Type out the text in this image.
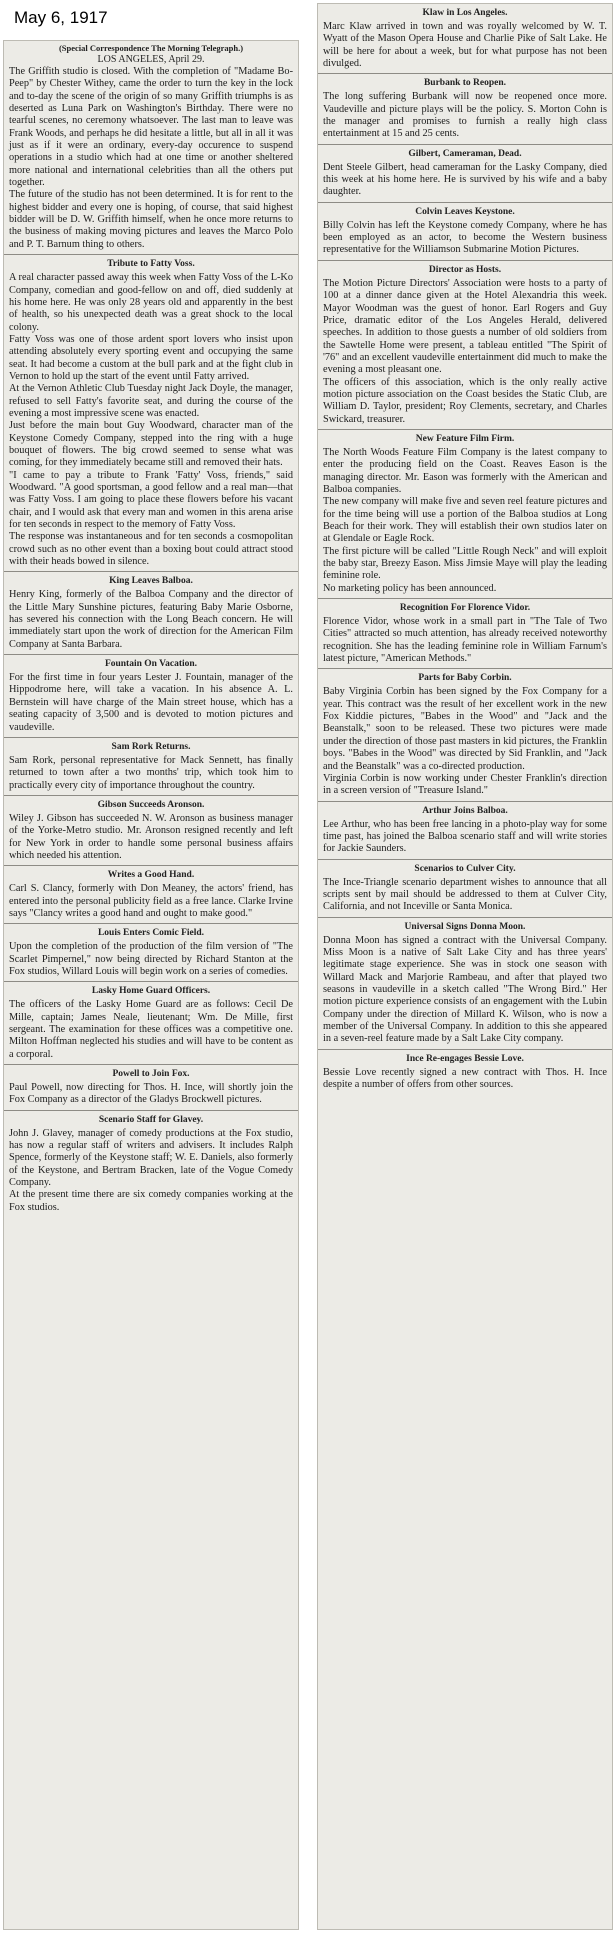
May 6, 1917
(Special Correspondence The Morning Telegraph.)
LOS ANGELES, April 29.

The Griffith studio is closed. With the completion of "Madame Bo-Peep" by Chester Withey, came the order to turn the key in the lock and to-day the scene of the origin of so many Griffith triumphs is as deserted as Luna Park on Washington's Birthday. There were no tearful scenes, no ceremony whatsoever. The last man to leave was Frank Woods, and perhaps he did hesitate a little, but all in all it was just as if it were an ordinary, every-day occurence to suspend operations in a studio which had at one time or another sheltered more national and international celebrities than all the others put together.

The future of the studio has not been determined. It is for rent to the highest bidder and every one is hoping, of course, that said highest bidder will be D. W. Griffith himself, when he once more returns to the business of making moving pictures and leaves the Marco Polo and P. T. Barnum thing to others.

Tribute to Fatty Voss.

A real character passed away this week when Fatty Voss of the L-Ko Company, comedian and good-fellow on and off, died suddenly at his home here. He was only 28 years old and apparently in the best of health, so his unexpected death was a great shock to the local colony.

Fatty Voss was one of those ardent sport lovers who insist upon attending absolutely every sporting event and occupying the same seat. It had become a custom at the bull park and at the fight club in Vernon to hold up the start of the event until Fatty arrived.

At the Vernon Athletic Club Tuesday night Jack Doyle, the manager, refused to sell Fatty's favorite seat, and during the course of the evening a most impressive scene was enacted.

Just before the main bout Guy Woodward, character man of the Keystone Comedy Company, stepped into the ring with a huge bouquet of flowers. The big crowd seemed to sense what was coming, for they immediately became still and removed their hats.

"I came to pay a tribute to Frank 'Fatty' Voss, friends," said Woodward. "A good sportsman, a good fellow and a real man—that was Fatty Voss. I am going to place these flowers before his vacant chair, and I would ask that every man and women in this arena arise for ten seconds in respect to the memory of Fatty Voss.

The response was instantaneous and for ten seconds a cosmopolitan crowd such as no other event than a boxing bout could attract stood with their heads bowed in silence.

King Leaves Balboa.

Henry King, formerly of the Balboa Company and the director of the Little Mary Sunshine pictures, featuring Baby Marie Osborne, has severed his connection with the Long Beach concern. He will immediately start upon the work of direction for the American Film Company at Santa Barbara.

Fountain On Vacation.

For the first time in four years Lester J. Fountain, manager of the Hippodrome here, will take a vacation. In his absence A. L. Bernstein will have charge of the Main street house, which has a seating capacity of 3,500 and is devoted to motion pictures and vaudeville.

Sam Rork Returns.

Sam Rork, personal representative for Mack Sennett, has finally returned to town after a two months' trip, which took him to practically every city of importance throughout the country.

Gibson Succeeds Aronson.

Wiley J. Gibson has succeeded N. W. Aronson as business manager of the Yorke-Metro studio. Mr. Aronson resigned recently and left for New York in order to handle some personal business affairs which needed his attention.

Writes a Good Hand.

Carl S. Clancy, formerly with Don Meaney, the actors' friend, has entered into the personal publicity field as a free lance. Clarke Irvine says "Clancy writes a good hand and ought to make good."

Louis Enters Comic Field.

Upon the completion of the production of the film version of "The Scarlet Pimpernel," now being directed by Richard Stanton at the Fox studios, Willard Louis will begin work on a series of comedies.

Lasky Home Guard Officers.

The officers of the Lasky Home Guard are as follows: Cecil De Mille, captain; James Neale, lieutenant; Wm. De Mille, first sergeant. The examination for these offices was a competitive one. Milton Hoffman neglected his studies and will have to be content as a corporal.

Powell to Join Fox.

Paul Powell, now directing for Thos. H. Ince, will shortly join the Fox Company as a director of the Gladys Brockwell pictures.

Scenario Staff for Glavey.

John J. Glavey, manager of comedy productions at the Fox studio, has now a regular staff of writers and advisers. It includes Ralph Spence, formerly of the Keystone staff; W. E. Daniels, also formerly of the Keystone, and Bertram Bracken, late of the Vogue Comedy Company.

At the present time there are six comedy companies working at the Fox studios.

Klaw in Los Angeles.

Marc Klaw arrived in town and was royally welcomed by W. T. Wyatt of the Mason Opera House and Charlie Pike of Salt Lake. He will be here for about a week, but for what purpose has not been divulged.

Burbank to Reopen.

The long suffering Burbank will now be reopened once more. Vaudeville and picture plays will be the policy. S. Morton Cohn is the manager and promises to furnish a really high class entertainment at 15 and 25 cents.

Gilbert, Cameraman, Dead.

Dent Steele Gilbert, head cameraman for the Lasky Company, died this week at his home here. He is survived by his wife and a baby daughter.

Colvin Leaves Keystone.

Billy Colvin has left the Keystone comedy Company, where he has been employed as an actor, to become the Western business representative for the Williamson Submarine Motion Pictures.

Director as Hosts.

The Motion Picture Directors' Association were hosts to a party of 100 at a dinner dance given at the Hotel Alexandria this week. Mayor Woodman was the guest of honor. Earl Rogers and Guy Price, dramatic editor of the Los Angeles Herald, delivered speeches. In addition to those guests a number of old soldiers from the Sawtelle Home were present, a tableau entitled "The Spirit of '76" and an excellent vaudeville entertainment did much to make the evening a most pleasant one.

The officers of this association, which is the only really active motion picture association on the Coast besides the Static Club, are William D. Taylor, president; Roy Clements, secretary, and Charles Swickard, treasurer.

New Feature Film Firm.

The North Woods Feature Film Company is the latest company to enter the producing field on the Coast. Reaves Eason is the managing director. Mr. Eason was formerly with the American and Balboa companies.

The new company will make five and seven reel feature pictures and for the time being will use a portion of the Balboa studios at Long Beach for their work. They will establish their own studios later on at Glendale or Eagle Rock.

The first picture will be called "Little Rough Neck" and will exploit the baby star, Breezy Eason. Miss Jimsie Maye will play the leading feminine role.

No marketing policy has been announced.

Recognition For Florence Vidor.

Florence Vidor, whose work in a small part in "The Tale of Two Cities" attracted so much attention, has already received noteworthy recognition. She has the leading feminine role in William Farnum's latest picture, "American Methods."

Parts for Baby Corbin.

Baby Virginia Corbin has been signed by the Fox Company for a year. This contract was the result of her excellent work in the new Fox Kiddie pictures, "Babes in the Wood" and "Jack and the Beanstalk," soon to be released. These two pictures were made under the direction of those past masters in kid pictures, the Franklin boys. "Babes in the Wood" was directed by Sid Franklin, and "Jack and the Beanstalk" was a co-directed production.

Virginia Corbin is now working under Chester Franklin's direction in a screen version of "Treasure Island."

Arthur Joins Balboa.

Lee Arthur, who has been free lancing in a photo-play way for some time past, has joined the Balboa scenario staff and will write stories for Jackie Saunders.

Scenarios to Culver City.

The Ince-Triangle scenario department wishes to announce that all scripts sent by mail should be addressed to them at Culver City, California, and not Inceville or Santa Monica.

Universal Signs Donna Moon.

Donna Moon has signed a contract with the Universal Company. Miss Moon is a native of Salt Lake City and has three years' legitimate stage experience. She was in stock one season with Willard Mack and Marjorie Rambeau, and after that played two seasons in vaudeville in a sketch called "The Wrong Bird." Her motion picture experience consists of an engagement with the Lubin Company under the direction of Millard K. Wilson, who is now a member of the Universal Company. In addition to this she appeared in a seven-reel feature made by a Salt Lake City company.

Ince Re-engages Bessie Love.

Bessie Love recently signed a new contract with Thos. H. Ince despite a number of offers from other sources.
